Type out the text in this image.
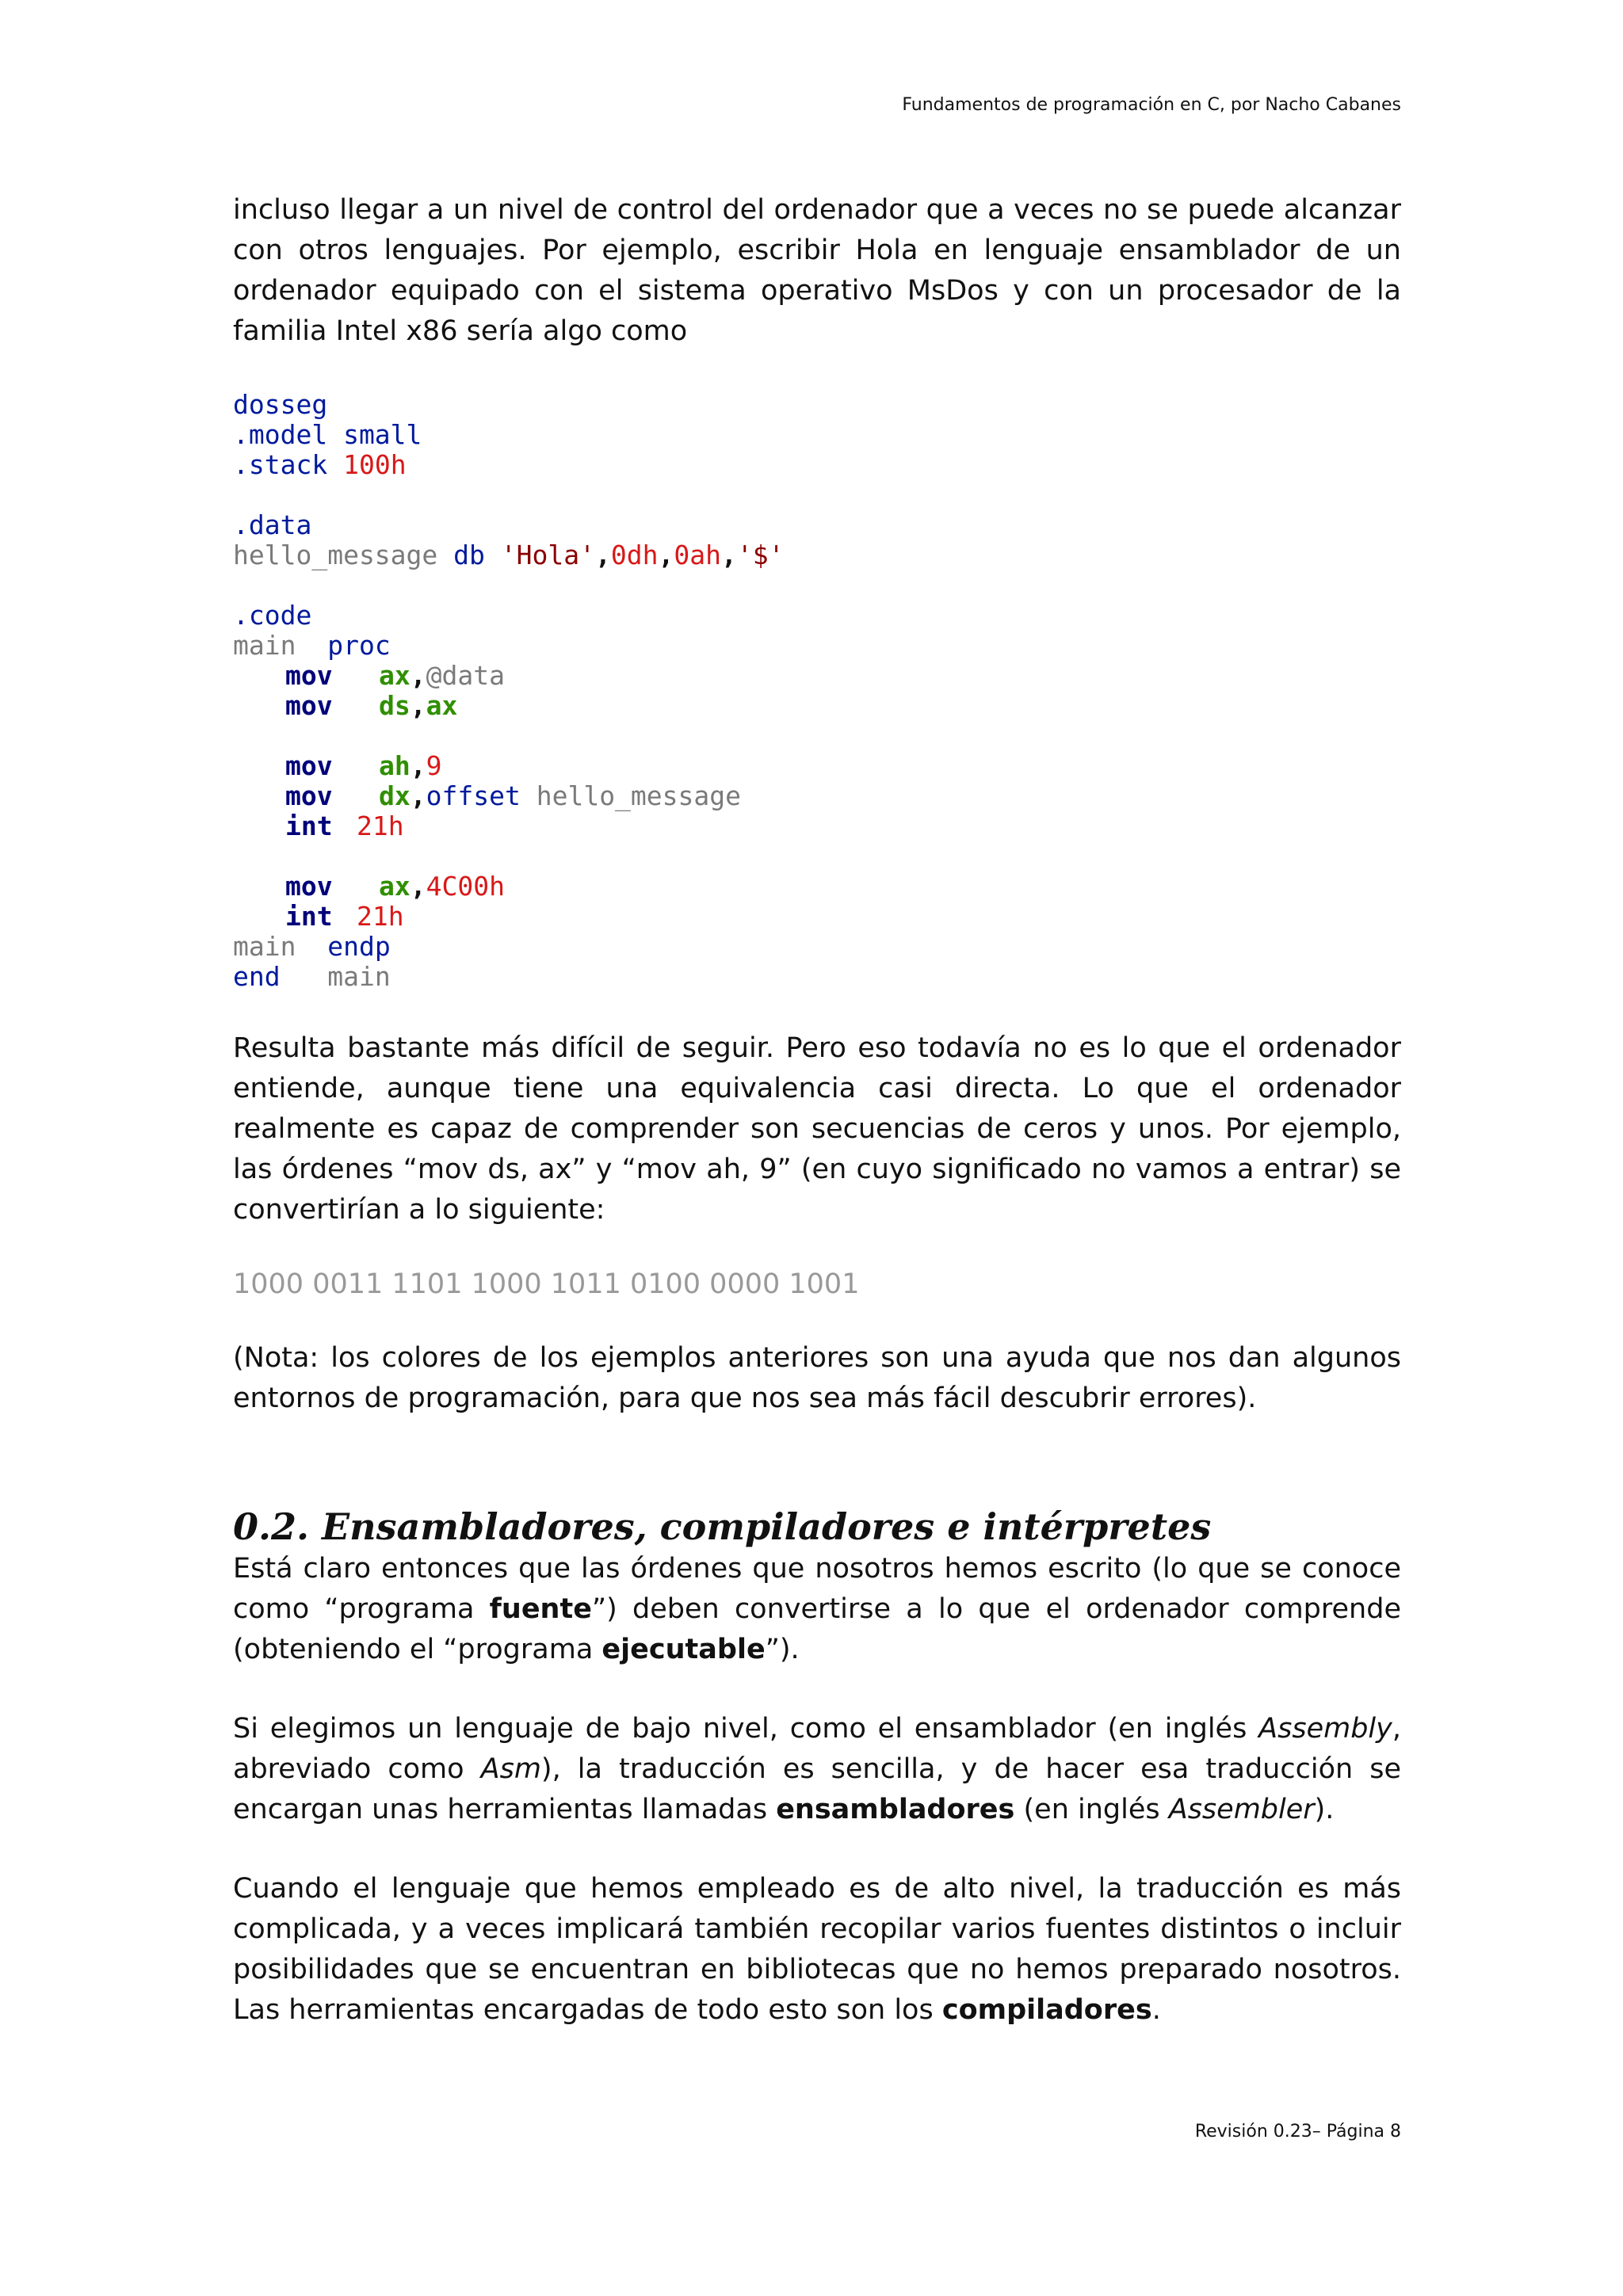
Fundamentos de programación en C, por Nacho Cabanes

incluso llegar a un nivel de control del ordenador que a veces no se puede alcanzar con otros lenguajes. Por ejemplo, escribir Hola en lenguaje ensamblador de un ordenador equipado con el sistema operativo MsDos y con un procesador de la familia Intel x86 sería algo como

dosseg
.model small
.stack 100h
.data
hello_message db 'Hola',0dh,0ah,'$'
.code
main proc
mov ax,@data
mov ds,ax
mov ah,9
mov dx,offset hello_message
int 21h
mov ax,4C00h
int 21h
main endp
end main

Resulta bastante más difícil de seguir. Pero eso todavía no es lo que el ordenador entiende, aunque tiene una equivalencia casi directa. Lo que el ordenador realmente es capaz de comprender son secuencias de ceros y unos. Por ejemplo, las órdenes “mov ds, ax” y “mov ah, 9” (en cuyo significado no vamos a entrar) se convertirían a lo siguiente:

1000 0011 1101 1000 1011 0100 0000 1001

(Nota: los colores de los ejemplos anteriores son una ayuda que nos dan algunos entornos de programación, para que nos sea más fácil descubrir errores).

0.2. Ensambladores, compiladores e intérpretes

Está claro entonces que las órdenes que nosotros hemos escrito (lo que se conoce como “programa fuente”) deben convertirse a lo que el ordenador comprende (obteniendo el “programa ejecutable”).

Si elegimos un lenguaje de bajo nivel, como el ensamblador (en inglés Assembly, abreviado como Asm), la traducción es sencilla, y de hacer esa traducción se encargan unas herramientas llamadas ensambladores (en inglés Assembler).

Cuando el lenguaje que hemos empleado es de alto nivel, la traducción es más complicada, y a veces implicará también recopilar varios fuentes distintos o incluir posibilidades que se encuentran en bibliotecas que no hemos preparado nosotros. Las herramientas encargadas de todo esto son los compiladores.

Revisión 0.23– Página 8
